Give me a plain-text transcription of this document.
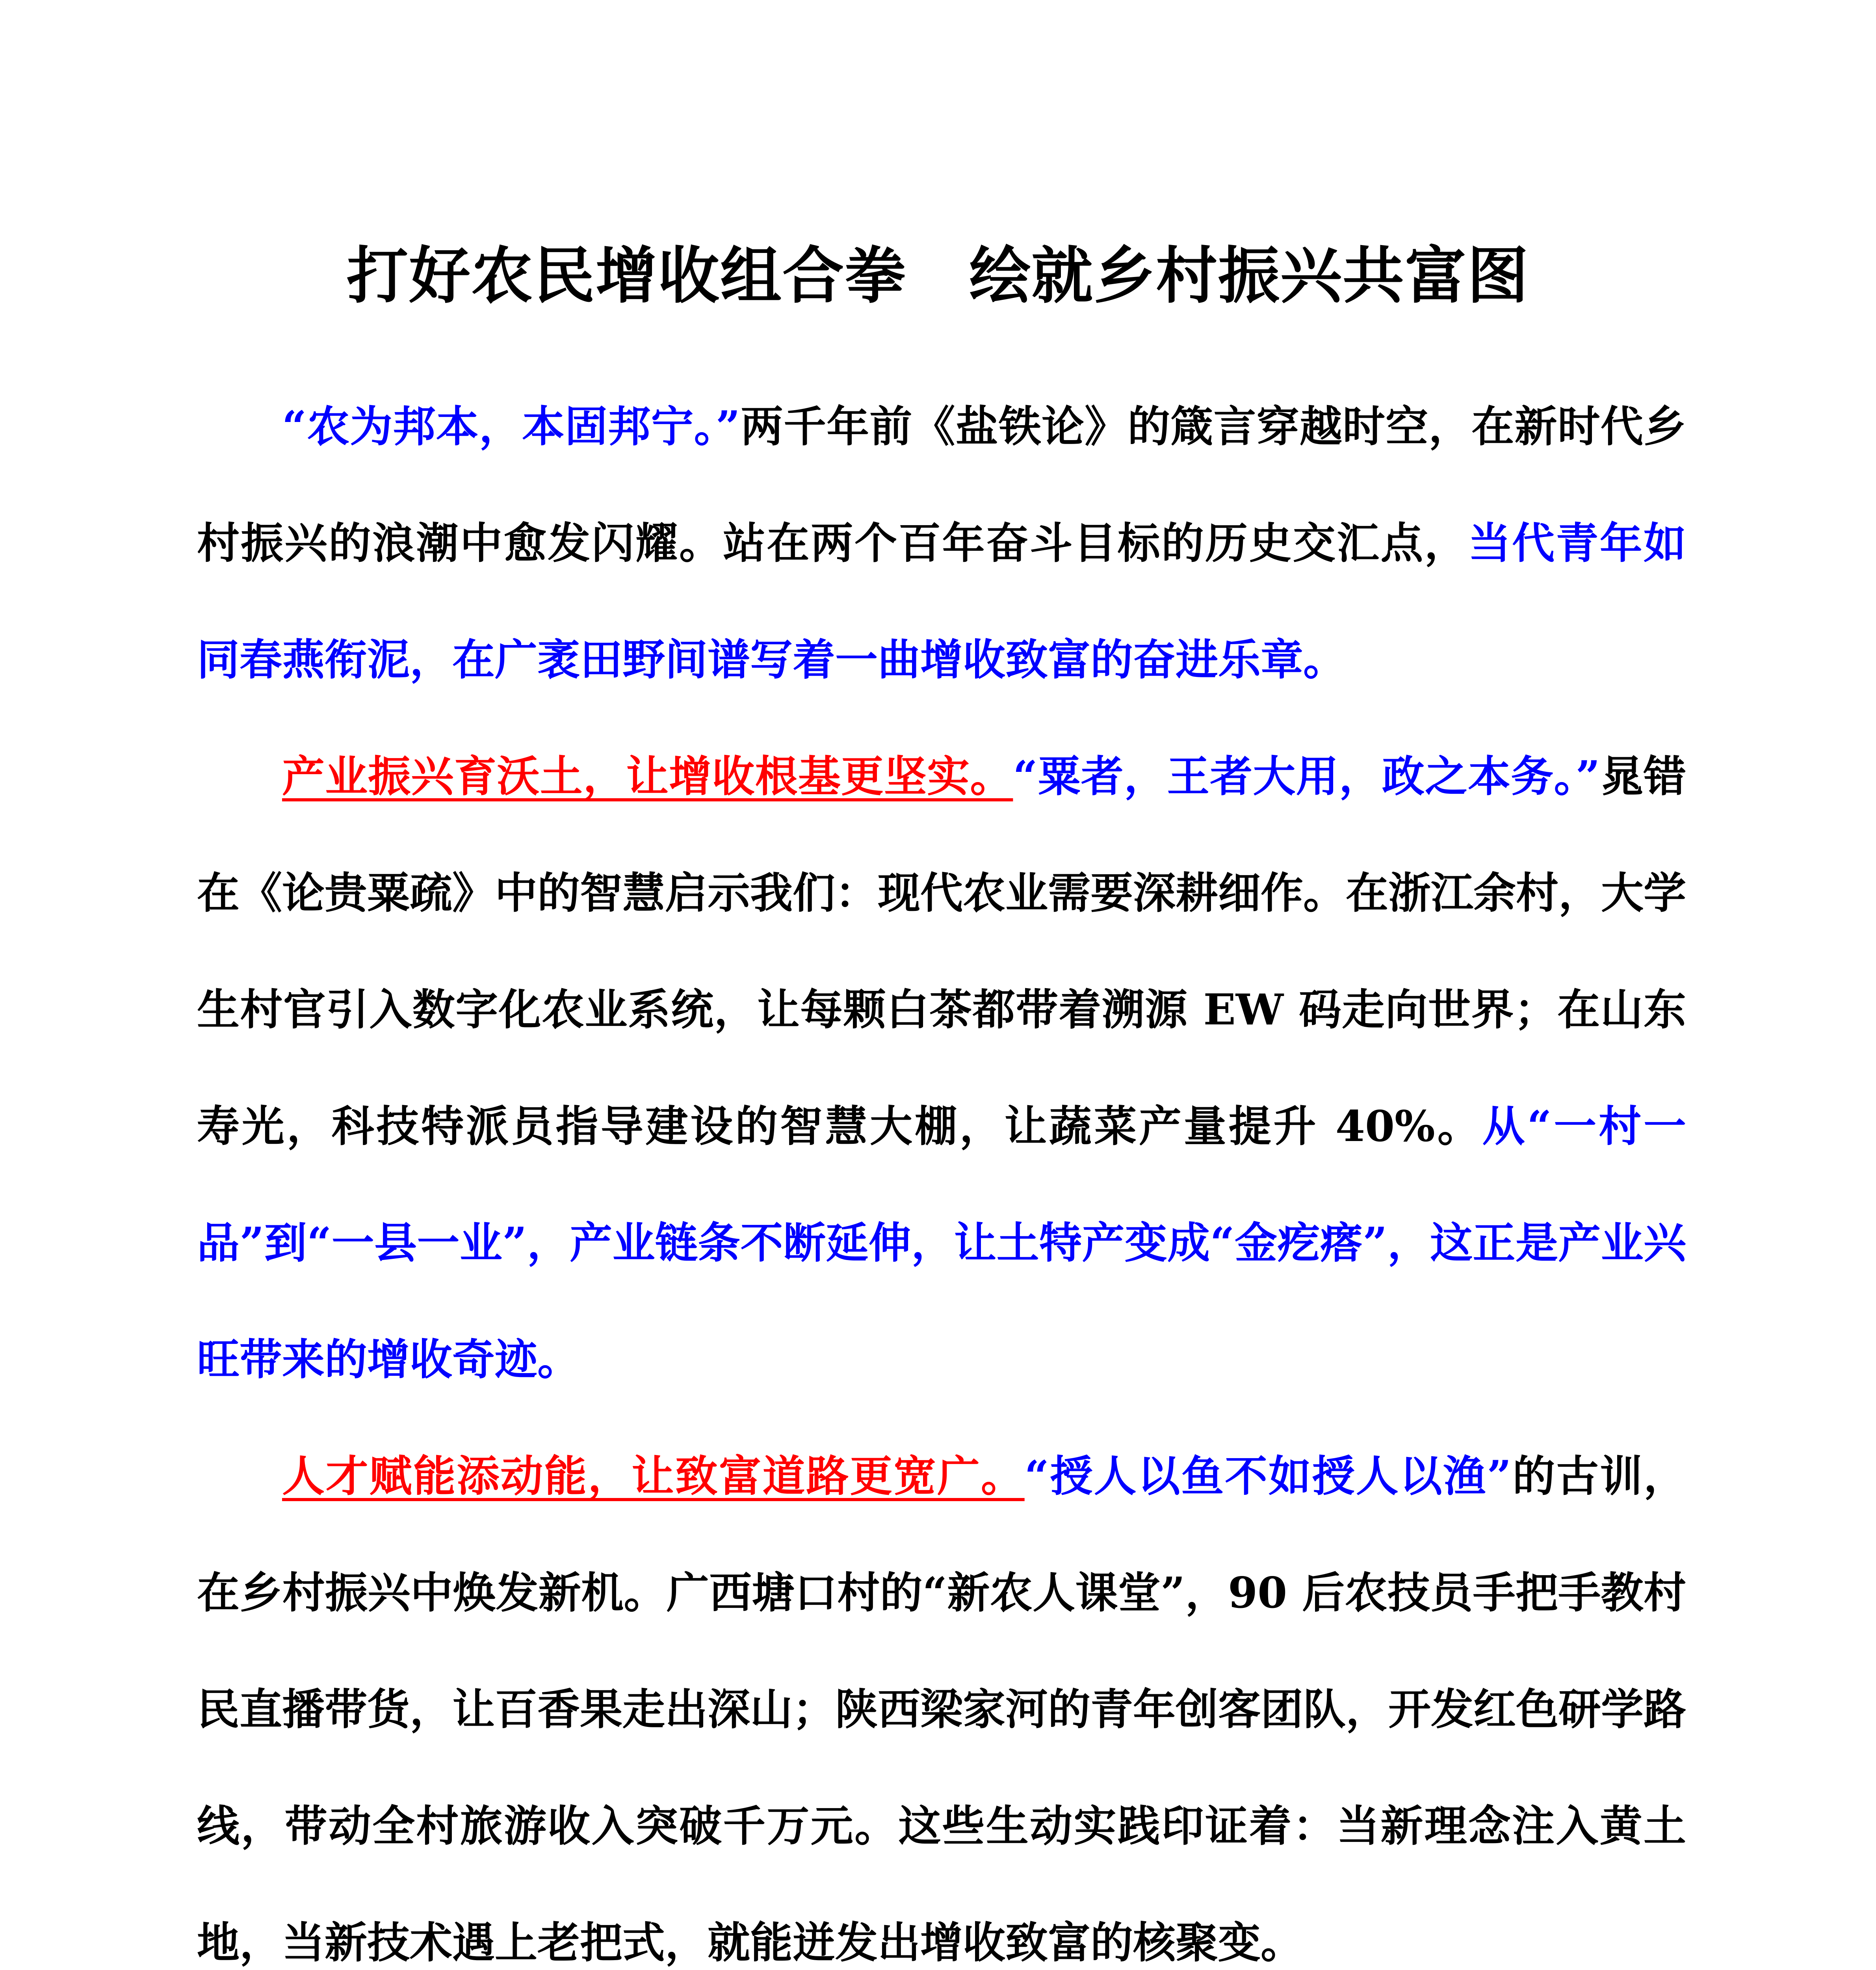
打好农民增收组合拳　绘就乡村振兴共富图

“农为邦本，本固邦宁。”两千年前《盐铁论》的箴言穿越时空，在新时代乡村振兴的浪潮中愈发闪耀。站在两个百年奋斗目标的历史交汇点，当代青年如同春燕衔泥，在广袤田野间谱写着一曲增收致富的奋进乐章。

产业振兴育沃土，让增收根基更坚实。“粟者，王者大用，政之本务。”晁错在《论贵粟疏》中的智慧启示我们：现代农业需要深耕细作。在浙江余村，大学生村官引入数字化农业系统，让每颗白茶都带着溯源 EW 码走向世界；在山东寿光，科技特派员指导建设的智慧大棚，让蔬菜产量提升 40%。从“一村一品”到“一县一业”，产业链条不断延伸，让土特产变成“金疙瘩”，这正是产业兴旺带来的增收奇迹。

人才赋能添动能，让致富道路更宽广。“授人以鱼不如授人以渔”的古训，在乡村振兴中焕发新机。广西塘口村的“新农人课堂”，90 后农技员手把手教村民直播带货，让百香果走出深山；陕西梁家河的青年创客团队，开发红色研学路线，带动全村旅游收入突破千万元。这些生动实践印证着：当新理念注入黄土地，当新技术遇上老把式，就能迸发出增收致富的核聚变。
